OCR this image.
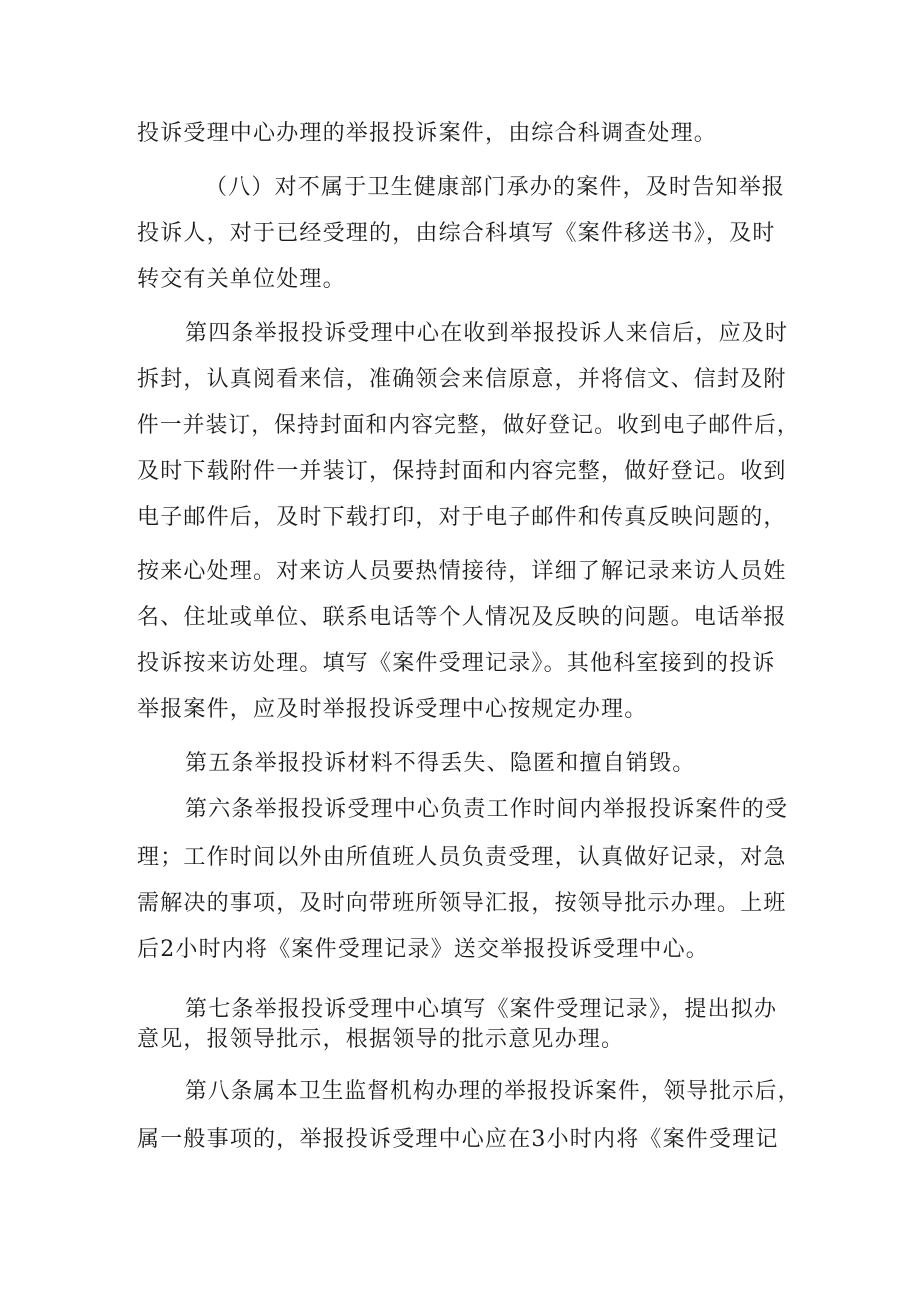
投诉受理中心办理的举报投诉案件，由综合科调查处理。
（八）对不属于卫生健康部门承办的案件，及时告知举报
投诉人，对于已经受理的，由综合科填写《案件移送书》，及时
转交有关单位处理。
第四条举报投诉受理中心在收到举报投诉人来信后，应及时
拆封，认真阅看来信，准确领会来信原意，并将信文、信封及附
件一并装订，保持封面和内容完整，做好登记。收到电子邮件后，
及时下载附件一并装订，保持封面和内容完整，做好登记。收到
电子邮件后，及时下载打印，对于电子邮件和传真反映问题的，
按来心处理。对来访人员要热情接待，详细了解记录来访人员姓
名、住址或单位、联系电话等个人情况及反映的问题。电话举报
投诉按来访处理。填写《案件受理记录》。其他科室接到的投诉
举报案件，应及时举报投诉受理中心按规定办理。
第五条举报投诉材料不得丢失、隐匿和擅自销毁。
第六条举报投诉受理中心负责工作时间内举报投诉案件的受
理；工作时间以外由所值班人员负责受理，认真做好记录，对急
需解决的事项，及时向带班所领导汇报，按领导批示办理。上班
后2小时内将《案件受理记录》送交举报投诉受理中心。
第七条举报投诉受理中心填写《案件受理记录》，提出拟办
意见，报领导批示，根据领导的批示意见办理。
第八条属本卫生监督机构办理的举报投诉案件，领导批示后，
属一般事项的，举报投诉受理中心应在3小时内将《案件受理记
